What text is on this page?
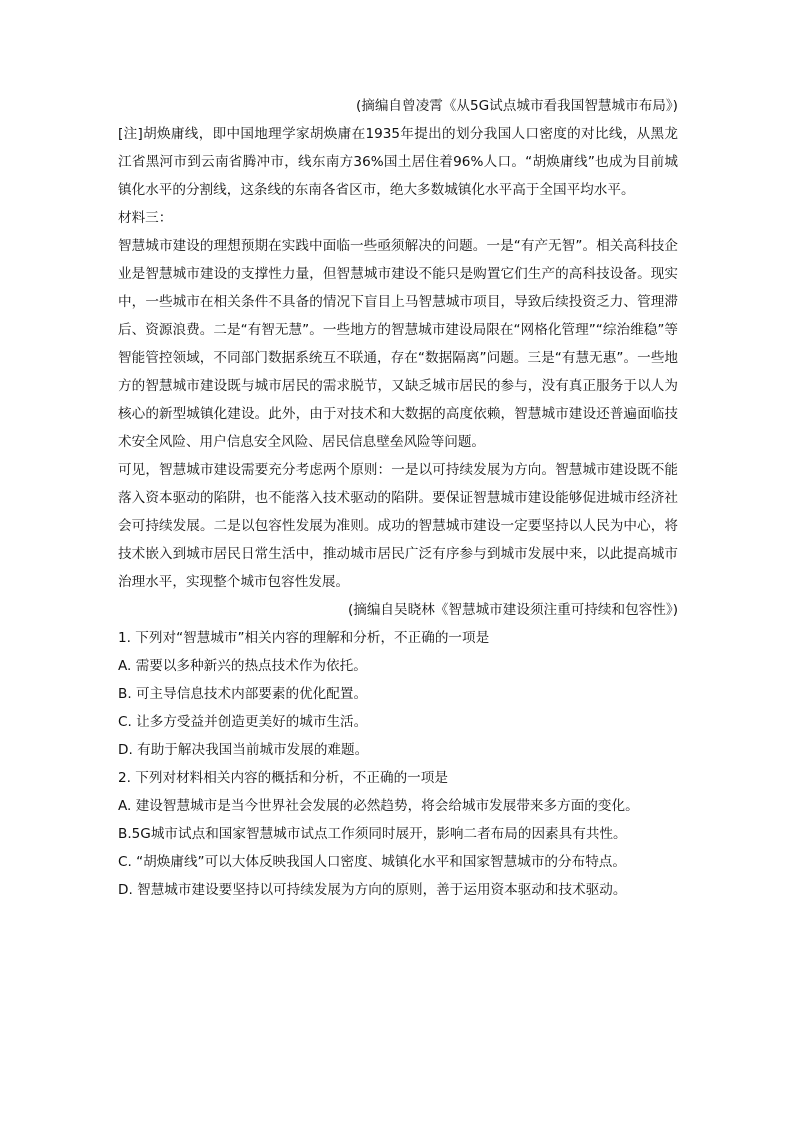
(摘编自曾凌霄《从5G试点城市看我国智慧城市布局》)
[注]胡焕庸线，即中国地理学家胡焕庸在1935年提出的划分我国人口密度的对比线，从黑龙江省黑河市到云南省腾冲市，线东南方36%国土居住着96%人口。“胡焕庸线”也成为目前城镇化水平的分割线，这条线的东南各省区市，绝大多数城镇化水平高于全国平均水平。
材料三：
智慧城市建设的理想预期在实践中面临一些亟须解决的问题。一是“有产无智”。相关高科技企业是智慧城市建设的支撑性力量，但智慧城市建设不能只是购置它们生产的高科技设备。现实中，一些城市在相关条件不具备的情况下盲目上马智慧城市项目，导致后续投资乏力、管理滞后、资源浪费。二是“有智无慧”。一些地方的智慧城市建设局限在“网格化管理”“综治维稳”等智能管控领域，不同部门数据系统互不联通，存在“数据隔离”问题。三是“有慧无惠”。一些地方的智慧城市建设既与城市居民的需求脱节，又缺乏城市居民的参与，没有真正服务于以人为核心的新型城镇化建设。此外，由于对技术和大数据的高度依赖，智慧城市建设还普遍面临技术安全风险、用户信息安全风险、居民信息壁垒风险等问题。
可见，智慧城市建设需要充分考虑两个原则：一是以可持续发展为方向。智慧城市建设既不能落入资本驱动的陷阱，也不能落入技术驱动的陷阱。要保证智慧城市建设能够促进城市经济社会可持续发展。二是以包容性发展为准则。成功的智慧城市建设一定要坚持以人民为中心，将技术嵌入到城市居民日常生活中，推动城市居民广泛有序参与到城市发展中来，以此提高城市治理水平，实现整个城市包容性发展。
(摘编自吴晓林《智慧城市建设须注重可持续和包容性》)
1. 下列对“智慧城市”相关内容的理解和分析，不正确的一项是
A. 需要以多种新兴的热点技术作为依托。
B. 可主导信息技术内部要素的优化配置。
C. 让多方受益并创造更美好的城市生活。
D. 有助于解决我国当前城市发展的难题。
2. 下列对材料相关内容的概括和分析，不正确的一项是
A. 建设智慧城市是当今世界社会发展的必然趋势，将会给城市发展带来多方面的变化。
B.5G城市试点和国家智慧城市试点工作须同时展开，影响二者布局的因素具有共性。
C. “胡焕庸线”可以大体反映我国人口密度、城镇化水平和国家智慧城市的分布特点。
D. 智慧城市建设要坚持以可持续发展为方向的原则，善于运用资本驱动和技术驱动。
